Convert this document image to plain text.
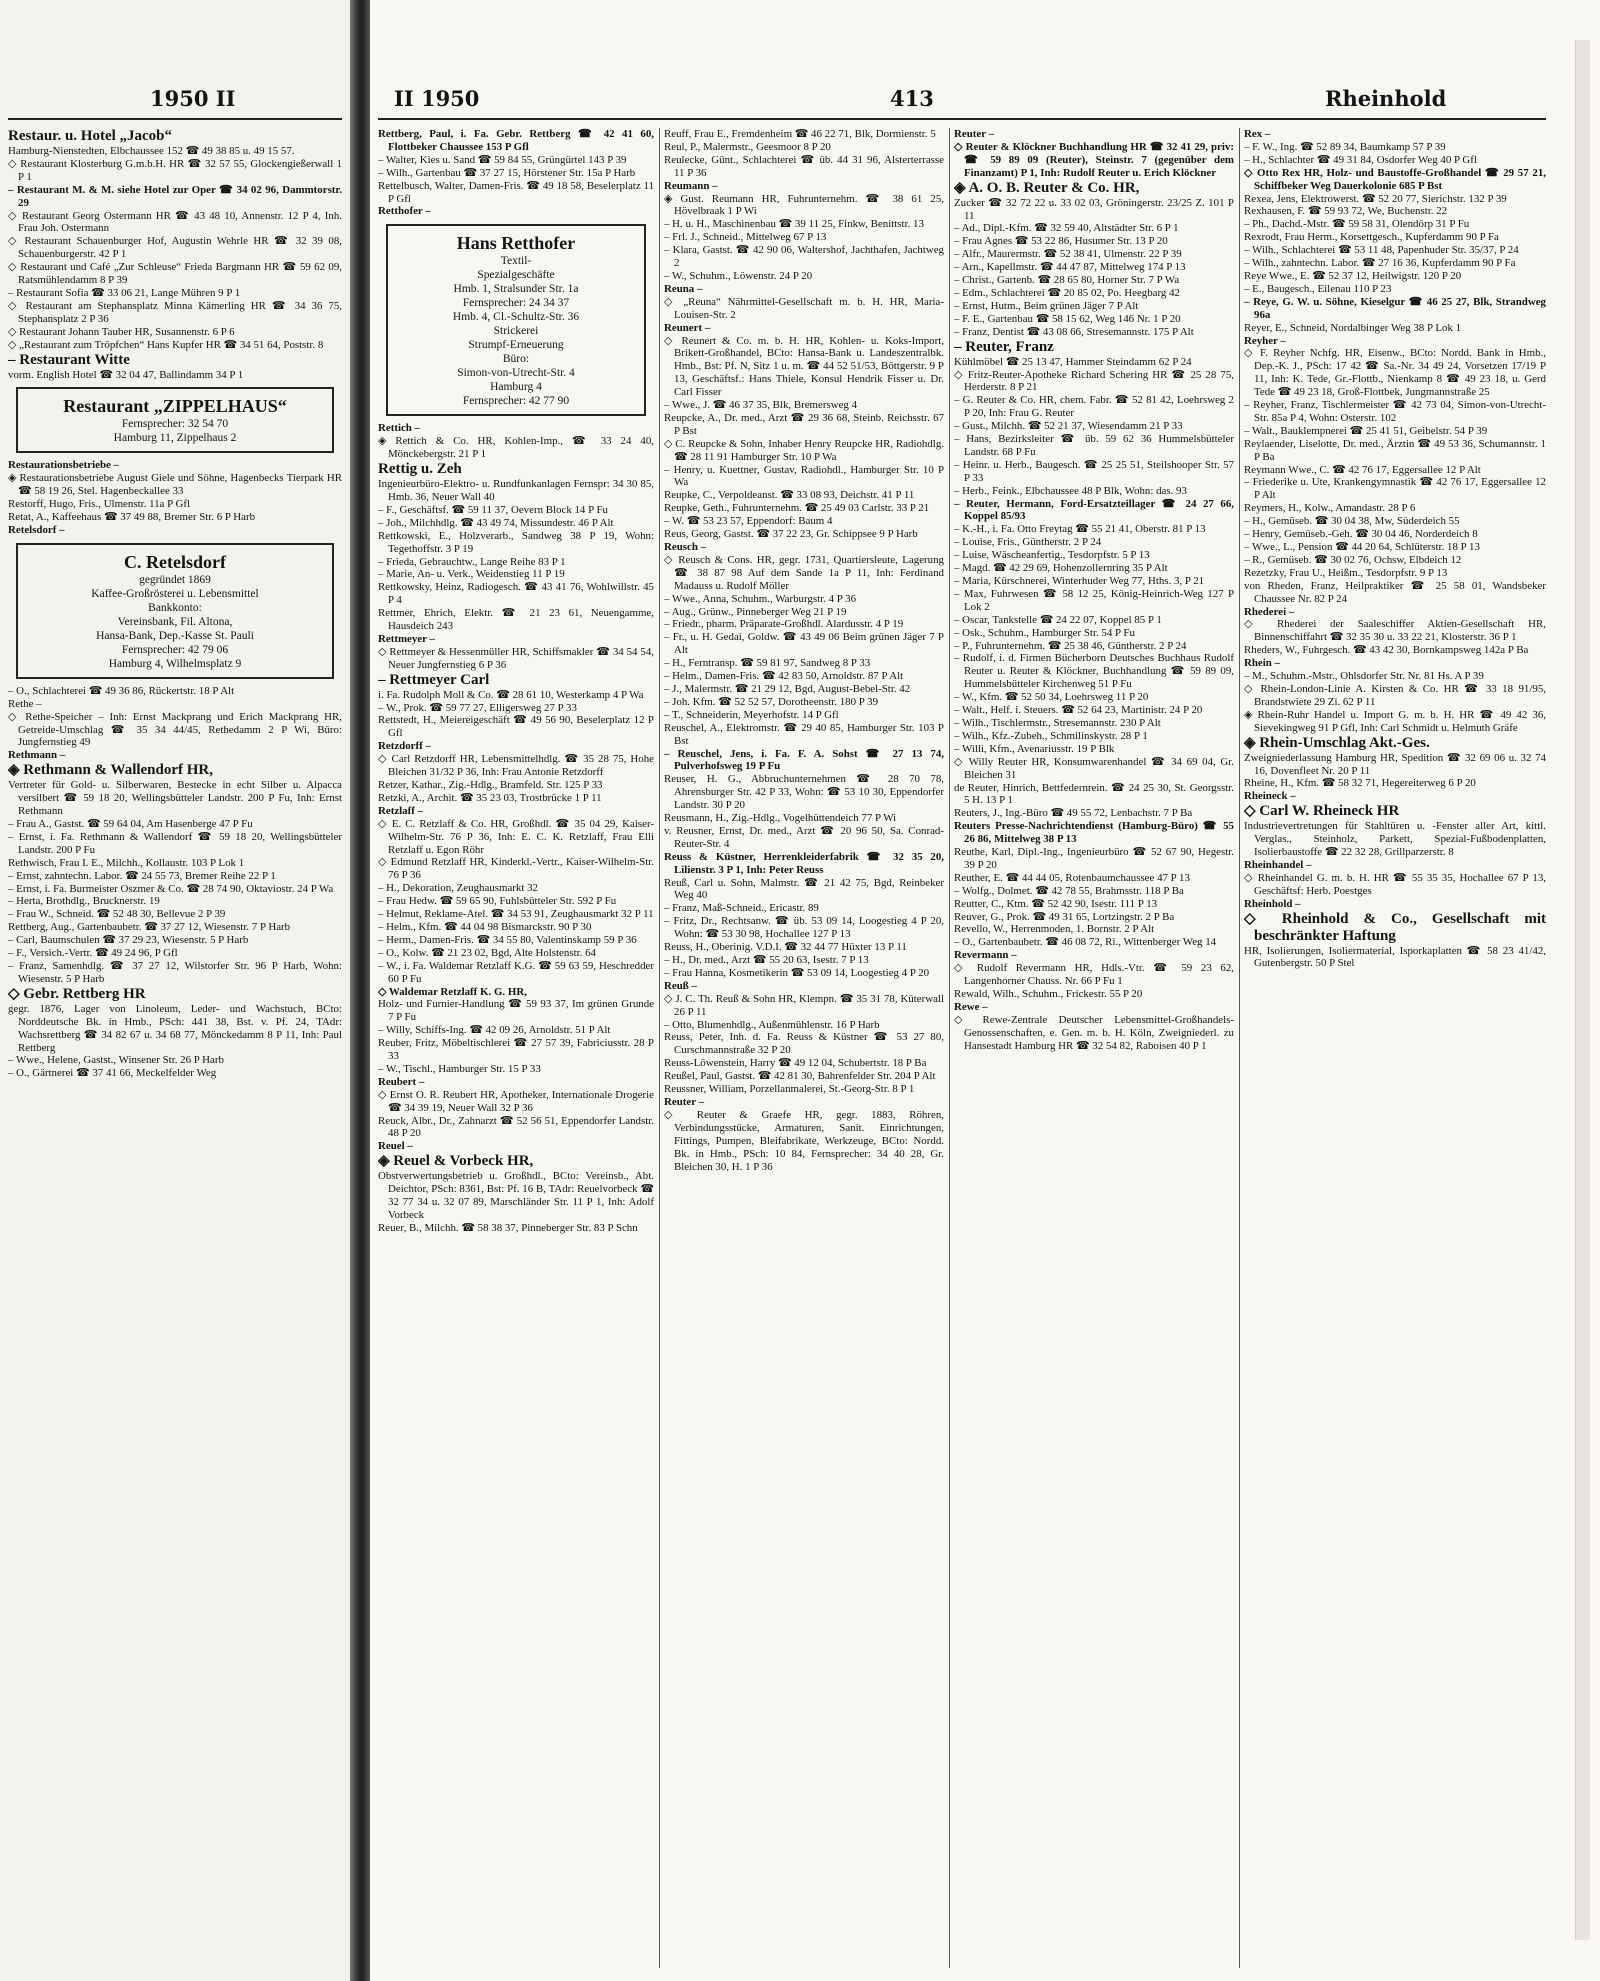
1950 II

Restaur. u. Hotel „Jacob“

Hamburg-Nienstedten, Elbchaussee 152 ☎ 49 38 85 u. 49 15 57.

◇ Restaurant Klosterburg G.m.b.H. HR ☎ 32 57 55, Glockengießerwall 1 P 1

– Restaurant M. & M. siehe Hotel zur Oper ☎ 34 02 96, Dammtorstr. 29

◇ Restaurant Georg Ostermann HR ☎ 43 48 10, Annenstr. 12 P 4, Inh. Frau Joh. Ostermann

◇ Restaurant Schauenburger Hof, Augustin Wehrle HR ☎ 32 39 08, Schauenburgerstr. 42 P 1

◇ Restaurant und Café „Zur Schleuse“ Frieda Bargmann HR ☎ 59 62 09, Ratsmühlendamm 8 P 39

– Restaurant Sofia ☎ 33 06 21, Lange Mühren 9 P 1

◇ Restaurant am Stephansplatz Minna Kämerling HR ☎ 34 36 75, Stephansplatz 2 P 36

◇ Restaurant Johann Tauber HR, Susannenstr. 6 P 6

◇ „Restaurant zum Tröpfchen“ Hans Kupfer HR ☎ 34 51 64, Poststr. 8

– Restaurant Witte

vorm. English Hotel ☎ 32 04 47, Ballindamm 34 P 1

Restaurant „ZIPPELHAUS“
Fernsprecher: 32 54 70
Hamburg 11, Zippelhaus 2

Restaurationsbetriebe –

◈ Restaurationsbetriebe August Giele und Söhne, Hagenbecks Tierpark HR ☎ 58 19 26, Stel. Hagenbeckallee 33

Restorff, Hugo, Fris., Ulmenstr. 11a P Gfl

Retat, A., Kaffeehaus ☎ 37 49 88, Bremer Str. 6 P Harb

Retelsdorf –

C. Retelsdorf
gegründet 1869
Kaffee-Großrösterei u. Lebensmittel
Bankkonto:
Vereinsbank, Fil. Altona,
Hansa-Bank, Dep.-Kasse St. Pauli
Fernsprecher: 42 79 06
Hamburg 4, Wilhelmsplatz 9

– O., Schlachterei ☎ 49 36 86, Rückertstr. 18 P Alt

Rethe –

◇ Rethe-Speicher – Inh: Ernst Mackprang und Erich Mackprang HR, Getreide-Umschlag ☎ 35 34 44/45, Rethedamm 2 P Wi, Büro: Jungfernstieg 49

Rethmann –

◈ Rethmann & Wallendorf HR,

Vertreter für Gold- u. Silberwaren, Bestecke in echt Silber u. Alpacca versilbert ☎ 59 18 20, Wellingsbütteler Landstr. 200 P Fu, Inh: Ernst Rethmann

– Frau A., Gastst. ☎ 59 64 04, Am Hasenberge 47 P Fu

– Ernst, i. Fa. Rethmann & Wallendorf ☎ 59 18 20, Wellingsbütteler Landstr. 200 P Fu

Rethwisch, Frau I. E., Milchh., Kollaustr. 103 P Lok 1

– Ernst, zahntechn. Labor. ☎ 24 55 73, Bremer Reihe 22 P 1

– Ernst, i. Fa. Burmeister Oszmer & Co. ☎ 28 74 90, Oktaviostr. 24 P Wa

– Herta, Brothdlg., Brucknerstr. 19

– Frau W., Schneid. ☎ 52 48 30, Bellevue 2 P 39

Rettberg, Aug., Gartenbaubetr. ☎ 37 27 12, Wiesenstr. 7 P Harb

– Carl, Baumschulen ☎ 37 29 23, Wiesenstr. 5 P Harb

– F., Versich.-Vertr. ☎ 49 24 96, P Gfl

– Franz, Samenhdlg. ☎ 37 27 12, Wilstorfer Str. 96 P Harb, Wohn: Wiesenstr. 5 P Harb

◇ Gebr. Rettberg HR

gegr. 1876, Lager von Linoleum, Leder- und Wachstuch, BCto: Norddeutsche Bk. in Hmb., PSch: 441 38, Bst. v. Pf. 24, TAdr: Wachsrettberg ☎ 34 82 67 u. 34 68 77, Mönckedamm 8 P 11, Inh: Paul Rettberg

– Wwe., Helene, Gastst., Winsener Str. 26 P Harb

– O., Gärtnerei ☎ 37 41 66, Meckelfelder Weg

II 1950	413	Rheinhold

Rettberg, Paul, i. Fa. Gebr. Rettberg ☎ 42 41 60, Flottbeker Chaussee 153 P Gfl

– Walter, Kies u. Sand ☎ 59 84 55, Grüngürtel 143 P 39

– Wilh., Gartenbau ☎ 37 27 15, Hörstener Str. 15a P Harb

Rettelbusch, Walter, Damen-Fris. ☎ 49 18 58, Beselerplatz 11 P Gfl

Retthofer –

Hans Retthofer
Textil-
Spezialgeschäfte
Hmb. 1, Stralsunder Str. 1a
Fernsprecher: 24 34 37
Hmb. 4, Cl.-Schultz-Str. 36
Strickerei
Strumpf-Erneuerung
Büro:
Simon-von-Utrecht-Str. 4
Hamburg 4
Fernsprecher: 42 77 90

Rettich –

◈ Rettich & Co. HR, Kohlen-Imp., ☎ 33 24 40, Mönckebergstr. 21 P 1

Rettig u. Zeh

Ingenieurbüro-Elektro- u. Rundfunkanlagen Fernspr: 34 30 85, Hmb. 36, Neuer Wall 40

– F., Geschäftsf. ☎ 59 11 37, Oevern Block 14 P Fu

– Joh., Milchhdlg. ☎ 43 49 74, Missundestr. 46 P Alt

Rettkowski, E., Holzverarb., Sandweg 38 P 19, Wohn: Tegethoffstr. 3 P 19

– Frieda, Gebrauchtw., Lange Reihe 83 P 1

– Marie, An- u. Verk., Weidenstieg 11 P 19

Rettkowsky, Heinz, Radiogesch. ☎ 43 41 76, Wohlwillstr. 45 P 4

Rettmer, Ehrich, Elektr. ☎ 21 23 61, Neuengamme, Hausdeich 243

Rettmeyer –

◇ Rettmeyer & Hessenmüller HR, Schiffsmakler ☎ 34 54 54, Neuer Jungfernstieg 6 P 36

– Rettmeyer Carl

i. Fa. Rudolph Moll & Co. ☎ 28 61 10, Westerkamp 4 P Wa

– W., Prok. ☎ 59 77 27, Elligersweg 27 P 33

Rettstedt, H., Meiereigeschäft ☎ 49 56 90, Beselerplatz 12 P Gfl

Retzdorff –

◇ Carl Retzdorff HR, Lebensmittelhdlg. ☎ 35 28 75, Hohe Bleichen 31/32 P 36, Inh: Frau Antonie Retzdorff

Retzer, Kathar., Zig.-Hdlg., Bramfeld. Str. 125 P 33

Retzki, A., Archit. ☎ 35 23 03, Trostbrücke 1 P 11

Retzlaff –

◇ E. C. Retzlaff & Co. HR, Großhdl. ☎ 35 04 29, Kaiser-Wilhelm-Str. 76 P 36, Inh: E. C. K. Retzlaff, Frau Elli Retzlaff u. Egon Röhr

◇ Edmund Retzlaff HR, Kinderkl.-Vertr., Kaiser-Wilhelm-Str. 76 P 36

– H., Dekoration, Zeughausmarkt 32

– Frau Hedw. ☎ 59 65 90, Fuhlsbütteler Str. 592 P Fu

– Helmut, Reklame-Atel. ☎ 34 53 91, Zeughausmarkt 32 P 11

– Helm., Kfm. ☎ 44 04 98 Bismarckstr. 90 P 30

– Herm., Damen-Fris. ☎ 34 55 80, Valentinskamp 59 P 36

– O., Kolw. ☎ 21 23 02, Bgd, Alte Holstenstr. 64

– W., i. Fa. Waldemar Retzlaff K.G. ☎ 59 63 59, Heschredder 60 P Fu

◇ Waldemar Retzlaff K. G. HR,

Holz- und Furnier-Handlung ☎ 59 93 37, Im grünen Grunde 7 P Fu

– Willy, Schiffs-Ing. ☎ 42 09 26, Arnoldstr. 51 P Alt

Reuber, Fritz, Möbeltischlerei ☎ 27 57 39, Fabriciusstr. 28 P 33

– W., Tischl., Hamburger Str. 15 P 33

Reubert –

◇ Ernst O. R. Reubert HR, Apotheker, Internationale Drogerie ☎ 34 39 19, Neuer Wall 32 P 36

Reuck, Albr., Dr., Zahnarzt ☎ 52 56 51, Eppendorfer Landstr. 48 P 20

Reuel –

◈ Reuel & Vorbeck HR,

Obstverwertungsbetrieb u. Großhdl., BCto: Vereinsb., Abt. Deichtor, PSch: 8361, Bst: Pf. 16 B, TAdr: Reuelvorbeck ☎ 32 77 34 u. 32 07 89, Marschländer Str. 11 P 1, Inh: Adolf Vorbeck

Reuer, B., Milchh. ☎ 58 38 37, Pinneberger Str. 83 P Schn

Reuff, Frau E., Fremdenheim ☎ 46 22 71, Blk, Dormienstr. 5

Reul, P., Malermstr., Geesmoor 8 P 20

Reulecke, Günt., Schlachterei ☎ üb. 44 31 96, Alsterterrasse 11 P 36

Reumann –

◈ Gust. Reumann HR, Fuhrunternehm. ☎ 38 61 25, Hövelbraak 1 P Wi

– H. u. H., Maschinenbau ☎ 39 11 25, Finkw, Benittstr. 13

– Frl. J., Schneid., Mittelweg 67 P 13

– Klara, Gastst. ☎ 42 90 06, Waltershof, Jachthafen, Jachtweg 2

– W., Schuhm., Löwenstr. 24 P 20

Reuna –

◇ „Reuna“ Nährmittel-Gesellschaft m. b. H. HR, Maria-Louisen-Str. 2

Reunert –

◇ Reunert & Co. m. b. H. HR, Kohlen- u. Koks-Import, Brikett-Großhandel, BCto: Hansa-Bank u. Landeszentralbk. Hmb., Bst: Pf. N, Sitz 1 u. m. ☎ 44 52 51/53, Böttgerstr. 9 P 13, Geschäftsf.: Hans Thiele, Konsul Hendrik Fisser u. Dr. Carl Fisser

– Wwe., J. ☎ 46 37 35, Blk, Bremersweg 4

Reupcke, A., Dr. med., Arzt ☎ 29 36 68, Steinb. Reichsstr. 67 P Bst

◇ C. Reupcke & Sohn, Inhaber Henry Reupcke HR, Radiohdlg. ☎ 28 11 91 Hamburger Str. 10 P Wa

– Henry, u. Kuettner, Gustav, Radiohdl., Hamburger Str. 10 P Wa

Reupke, C., Verpoldeanst. ☎ 33 08 93, Deichstr. 41 P 11

Reupke, Geth., Fuhrunternehm. ☎ 25 49 03 Carlstr. 33 P 21

– W. ☎ 53 23 57, Eppendorf: Baum 4

Reus, Georg, Gastst. ☎ 37 22 23, Gr. Schippsee 9 P Harb

Reusch –

◇ Reusch & Cons. HR, gegr. 1731, Quartiersleute, Lagerung ☎ 38 87 98 Auf dem Sande 1a P 11, Inh: Ferdinand Madauss u. Rudolf Möller

– Wwe., Anna, Schuhm., Warburgstr. 4 P 36

– Aug., Grünw., Pinneberger Weg 21 P 19

– Friedr., pharm. Präparate-Großhdl. Alardusstr. 4 P 19

– Fr., u. H. Gedai, Goldw. ☎ 43 49 06 Beim grünen Jäger 7 P Alt

– H., Ferntransp. ☎ 59 81 97, Sandweg 8 P 33

– Helm., Damen-Fris. ☎ 42 83 50, Arnoldstr. 87 P Alt

– J., Malermstr. ☎ 21 29 12, Bgd, August-Bebel-Str. 42

– Joh. Kfm. ☎ 52 52 57, Dorotheenstr. 180 P 39

– T., Schneiderin, Meyerhofstr. 14 P Gfl

Reuschel, A., Elektromstr. ☎ 29 40 85, Hamburger Str. 103 P Bst

– Reuschel, Jens, i. Fa. F. A. Sohst ☎ 27 13 74, Pulverhofsweg 19 P Fu

Reuser, H. G., Abbruchunternehmen ☎ 28 70 78, Ahrensburger Str. 42 P 33, Wohn: ☎ 53 10 30, Eppendorfer Landstr. 30 P 20

Reusmann, H., Zig.-Hdlg., Vogelhüttendeich 77 P Wi

v. Reusner, Ernst, Dr. med., Arzt ☎ 20 96 50, Sa. Conrad-Reuter-Str. 4

Reuss & Küstner, Herrenkleiderfabrik ☎ 32 35 20, Lilienstr. 3 P 1, Inh: Peter Reuss

Reuß, Carl u. Sohn, Malmstr. ☎ 21 42 75, Bgd, Reinbeker Weg 40

– Franz, Maß-Schneid., Ericastr. 89

– Fritz, Dr., Rechtsanw. ☎ üb. 53 09 14, Loogestieg 4 P 20, Wohn: ☎ 53 30 98, Hochallee 127 P 13

Reuss, H., Oberinig. V.D.I. ☎ 32 44 77 Hüxter 13 P 11

– H., Dr. med., Arzt ☎ 55 20 63, Isestr. 7 P 13

– Frau Hanna, Kosmetikerin ☎ 53 09 14, Loogestieg 4 P 20

Reuß –

◇ J. C. Th. Reuß & Sohn HR, Klempn. ☎ 35 31 78, Küterwall 26 P 11

– Otto, Blumenhdlg., Außenmühlenstr. 16 P Harb

Reuss, Peter, Inh. d. Fa. Reuss & Küstner ☎ 53 27 80, Curschmannstraße 32 P 20

Reuss-Löwenstein, Harry ☎ 49 12 04, Schubertstr. 18 P Ba

Reußel, Paul, Gastst. ☎ 42 81 30, Bahrenfelder Str. 204 P Alt

Reussner, William, Porzellanmalerei, St.-Georg-Str. 8 P 1

Reuter –

◇ Reuter & Graefe HR, gegr. 1883, Röhren, Verbindungsstücke, Armaturen, Sanit. Einrichtungen, Fittings, Pumpen, Bleifabrikate, Werkzeuge, BCto: Nordd. Bk. in Hmb., PSch: 10 84, Fernsprecher: 34 40 28, Gr. Bleichen 30, H. 1 P 36

Reuter –

◇ Reuter & Klöckner Buchhandlung HR ☎ 32 41 29, priv: ☎ 59 89 09 (Reuter), Steinstr. 7 (gegenüber dem Finanzamt) P 1, Inh: Rudolf Reuter u. Erich Klöckner

◈ A. O. B. Reuter & Co. HR,

Zucker ☎ 32 72 22 u. 33 02 03, Gröningerstr. 23/25 Z. 101 P 11

– Ad., Dipl.-Kfm. ☎ 32 59 40, Altstädter Str. 6 P 1

– Frau Agnes ☎ 53 22 86, Husumer Str. 13 P 20

– Alfr., Maurermstr. ☎ 52 38 41, Ulmenstr. 22 P 39

– Arn., Kapellmstr. ☎ 44 47 87, Mittelweg 174 P 13

– Christ., Gartenb. ☎ 28 65 80, Horner Str. 7 P Wa

– Edm., Schlachterei ☎ 20 85 02, Po. Heegbarg 42

– Ernst, Hutm., Beim grünen Jäger 7 P Alt

– F. E., Gartenbau ☎ 58 15 62, Weg 146 Nr. 1 P 20

– Franz, Dentist ☎ 43 08 66, Stresemannstr. 175 P Alt

– Reuter, Franz

Kühlmöbel ☎ 25 13 47, Hammer Steindamm 62 P 24

◇ Fritz-Reuter-Apotheke Richard Schering HR ☎ 25 28 75, Herderstr. 8 P 21

– G. Reuter & Co. HR, chem. Fabr. ☎ 52 81 42, Loehrsweg 2 P 20, Inh: Frau G. Reuter

– Gust., Milchh. ☎ 52 21 37, Wiesendamm 21 P 33

– Hans, Bezirksleiter ☎ üb. 59 62 36 Hummelsbütteler Landstr. 68 P Fu

– Heinr. u. Herb., Baugesch. ☎ 25 25 51, Steilshooper Str. 57 P 33

– Herb., Feink., Elbchaussee 48 P Blk, Wohn: das. 93

– Reuter, Hermann, Ford-Ersatzteillager ☎ 24 27 66, Koppel 85/93

– K.-H., i. Fa. Otto Freytag ☎ 55 21 41, Oberstr. 81 P 13

– Louise, Fris., Güntherstr. 2 P 24

– Luise, Wäscheanfertig., Tesdorpfstr. 5 P 13

– Magd. ☎ 42 29 69, Hohenzollernring 35 P Alt

– Maria, Kürschnerei, Winterhuder Weg 77, Hths. 3, P 21

– Max, Fuhrwesen ☎ 58 12 25, König-Heinrich-Weg 127 P Lok 2

– Oscar, Tankstelle ☎ 24 22 07, Koppel 85 P 1

– Osk., Schuhm., Hamburger Str. 54 P Fu

– P., Fuhrunternehm. ☎ 25 38 46, Güntherstr. 2 P 24

– Rudolf, i. d. Firmen Bücherborn Deutsches Buchhaus Rudolf Reuter u. Reuter & Klöckner, Buchhandlung ☎ 59 89 09, Hummelsbütteler Kirchenweg 51 P Fu

– W., Kfm. ☎ 52 50 34, Loehrsweg 11 P 20

– Walt., Helf. i. Steuers. ☎ 52 64 23, Martinistr. 24 P 20

– Wilh., Tischlermstr., Stresemannstr. 230 P Alt

– Wilh., Kfz.-Zubeh., Schmilinskystr. 28 P 1

– Willi, Kfm., Avenariusstr. 19 P Blk

◇ Willy Reuter HR, Konsumwarenhandel ☎ 34 69 04, Gr. Bleichen 31

de Reuter, Hinrich, Bettfedernrein. ☎ 24 25 30, St. Georgsstr. 5 H. 13 P 1

Reuters, J., Ing.-Büro ☎ 49 55 72, Lenbachstr. 7 P Ba

Reuters Presse-Nachrichtendienst (Hamburg-Büro) ☎ 55 26 86, Mittelweg 38 P 13

Reuthe, Karl, Dipl.-Ing., Ingenieurbüro ☎ 52 67 90, Hegestr. 39 P 20

Reuther, E. ☎ 44 44 05, Rotenbaumchaussee 47 P 13

– Wolfg., Dolmet. ☎ 42 78 55, Brahmsstr. 118 P Ba

Reutter, C., Ktm. ☎ 52 42 90, Isestr. 111 P 13

Reuver, G., Prok. ☎ 49 31 65, Lortzingstr. 2 P Ba

Revello, W., Herrenmoden, 1. Bornstr. 2 P Alt

– O., Gartenbaubetr. ☎ 46 08 72, Ri., Wittenberger Weg 14

Revermann –

◇ Rudolf Revermann HR, Hdls.-Vtr. ☎ 59 23 62, Langenhorner Chauss. Nr. 66 P Fu 1

Rewald, Wilh., Schuhm., Frickestr. 55 P 20

Rewe –

◇ Rewe-Zentrale Deutscher Lebensmittel-Großhandels-Genossenschaften, e. Gen. m. b. H. Köln, Zweigniederl. zu Hansestadt Hamburg HR ☎ 32 54 82, Raboisen 40 P 1

Rex –

– F. W., Ing. ☎ 52 89 34, Baumkamp 57 P 39

– H., Schlachter ☎ 49 31 84, Osdorfer Weg 40 P Gfl

◇ Otto Rex HR, Holz- und Baustoffe-Großhandel ☎ 29 57 21, Schiffbeker Weg Dauerkolonie 685 P Bst

Rexea, Jens, Elektrowerst. ☎ 52 20 77, Sierichstr. 132 P 39

Rexhausen, F. ☎ 59 93 72, We, Buchenstr. 22

– Ph., Dachd.-Mstr. ☎ 59 58 31, Olendörp 31 P Fu

Rexrodt, Frau Herm., Korsettgesch., Kupferdamm 90 P Fa

– Wilh., Schlachterei ☎ 53 11 48, Papenhuder Str. 35/37, P 24

– Wilh., zahntechn. Labor. ☎ 27 16 36, Kupferdamm 90 P Fa

Reye Wwe., E. ☎ 52 37 12, Heilwigstr. 120 P 20

– E., Baugesch., Eilenau 110 P 23

– Reye, G. W. u. Söhne, Kieselgur ☎ 46 25 27, Blk, Strandweg 96a

Reyer, E., Schneid, Nordalbinger Weg 38 P Lok 1

Reyher –

◇ F. Reyher Nchfg. HR, Eisenw., BCto: Nordd. Bank in Hmb., Dep.-K. J., PSch: 17 42 ☎ Sa.-Nr. 34 49 24, Vorsetzen 17/19 P 11, Inh: K. Tede, Gr.-Flottb., Nienkamp 8 ☎ 49 23 18, u. Gerd Tede ☎ 49 23 18, Groß-Flottbek, Jungmannstraße 25

– Reyher, Franz, Tischlermeister ☎ 42 73 04, Simon-von-Utrecht-Str. 85a P 4, Wohn: Osterstr. 102

– Walt., Bauklempnerei ☎ 25 41 51, Geibelstr. 54 P 39

Reylaender, Liselotte, Dr. med., Ärztin ☎ 49 53 36, Schumannstr. 1 P Ba

Reymann Wwe., C. ☎ 42 76 17, Eggersallee 12 P Alt

– Friederike u. Ute, Krankengymnastik ☎ 42 76 17, Eggersallee 12 P Alt

Reymers, H., Kolw., Amandastr. 28 P 6

– H., Gemüseb. ☎ 30 04 38, Mw, Süderdeich 55

– Henry, Gemüseb.-Geh. ☎ 30 04 46, Norderdeich 8

– Wwe., L., Pension ☎ 44 20 64, Schlüterstr. 18 P 13

– R., Gemüseb. ☎ 30 02 76, Ochsw, Elbdeich 12

Rezetzky, Frau U., Heißm., Tesdorpfstr. 9 P 13

von Rheden, Franz, Heilpraktiker ☎ 25 58 01, Wandsbeker Chaussee Nr. 82 P 24

Rhederei –

◇ Rhederei der Saaleschiffer Aktien-Gesellschaft HR, Binnenschiffahrt ☎ 32 35 30 u. 33 22 21, Klosterstr. 36 P 1

Rheders, W., Fuhrgesch. ☎ 43 42 30, Bornkampsweg 142a P Ba

Rhein –

– M., Schuhm.-Mstr., Ohlsdorfer Str. Nr. 81 Hs. A P 39

◇ Rhein-London-Linie A. Kirsten & Co. HR ☎ 33 18 91/95, Brandstwiete 29 Zi. 62 P 11

◈ Rhein-Ruhr Handel u. Import G. m. b. H. HR ☎ 49 42 36, Sievekingweg 91 P Gfl, Inh: Carl Schmidt u. Helmuth Gräfe

◈ Rhein-Umschlag Akt.-Ges.

Zweigniederlassung Hamburg HR, Spedition ☎ 32 69 06 u. 32 74 16, Dovenfleet Nr. 20 P 11

Rheine, H., Kfm. ☎ 58 32 71, Hegereiterweg 6 P 20

Rheineck –

◇ Carl W. Rheineck HR

Industrievertretungen für Stahltüren u. -Fenster aller Art, kittl. Verglas., Steinholz, Parkett, Spezial-Fußbodenplatten, Isolierbaustoffe ☎ 22 32 28, Grillparzerstr. 8

Rheinhandel –

◇ Rheinhandel G. m. b. H. HR ☎ 55 35 35, Hochallee 67 P 13, Geschäftsf: Herb. Poestges

Rheinhold –

◇ Rheinhold & Co., Gesellschaft mit beschränkter Haftung

HR, Isolierungen, Isoliermaterial, Isporkaplatten ☎ 58 23 41/42, Gutenbergstr. 50 P Stel
